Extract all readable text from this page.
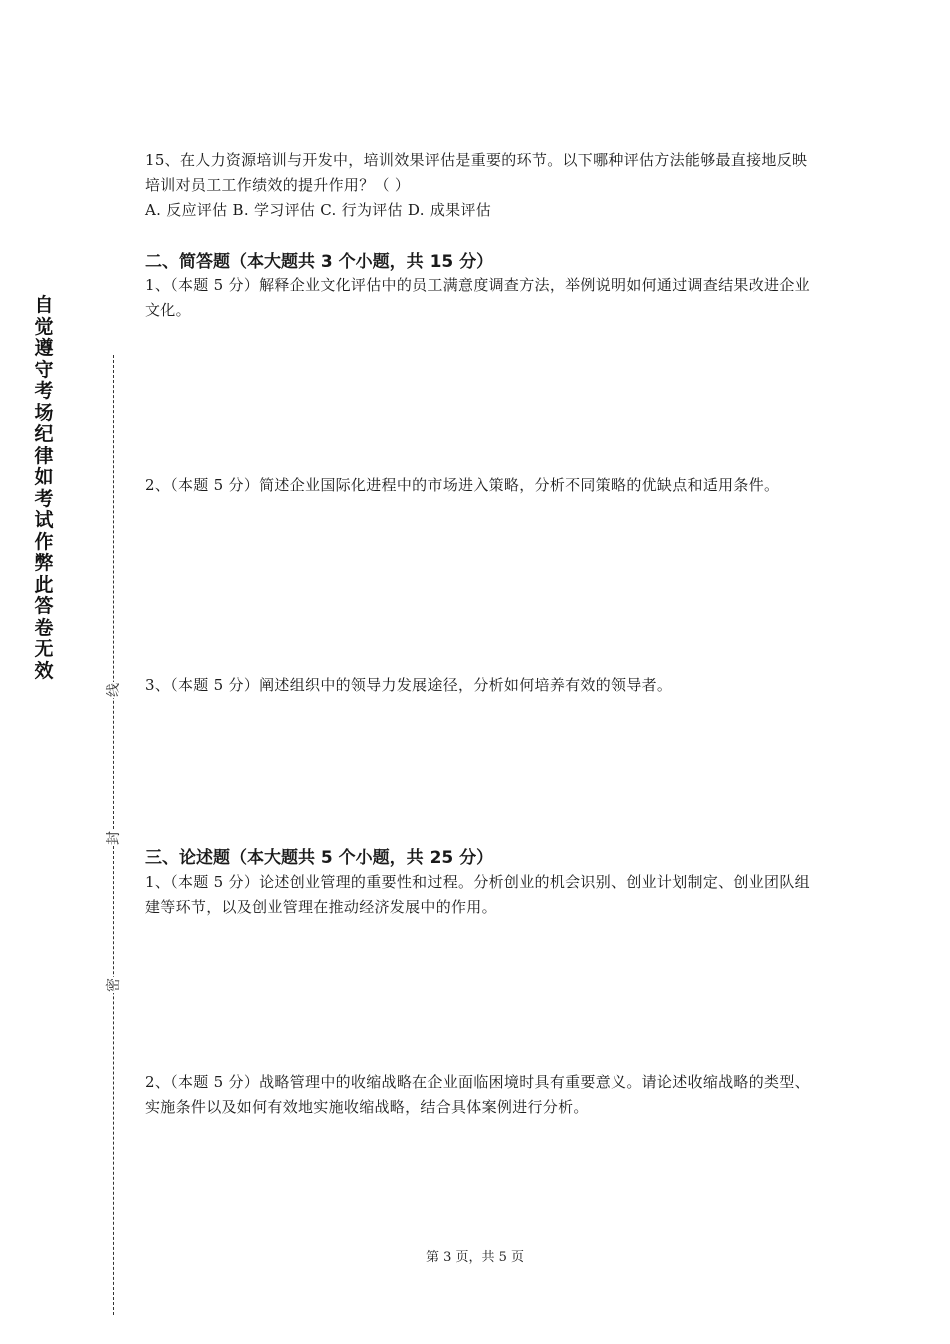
自觉遵守考场纪律如考试作弊此答卷无效
线
封
密

15、在人力资源培训与开发中，培训效果评估是重要的环节。以下哪种评估方法能够最直接地反映培训对员工工作绩效的提升作用？（ ）

A. 反应评估 B. 学习评估 C. 行为评估 D. 成果评估

二、简答题（本大题共 3 个小题，共 15 分）

1、（本题 5 分）解释企业文化评估中的员工满意度调查方法，举例说明如何通过调查结果改进企业文化。

2、（本题 5 分）简述企业国际化进程中的市场进入策略，分析不同策略的优缺点和适用条件。

3、（本题 5 分）阐述组织中的领导力发展途径，分析如何培养有效的领导者。

三、论述题（本大题共 5 个小题，共 25 分）

1、（本题 5 分）论述创业管理的重要性和过程。分析创业的机会识别、创业计划制定、创业团队组建等环节，以及创业管理在推动经济发展中的作用。

2、（本题 5 分）战略管理中的收缩战略在企业面临困境时具有重要意义。请论述收缩战略的类型、实施条件以及如何有效地实施收缩战略，结合具体案例进行分析。

第 3 页，共 5 页
